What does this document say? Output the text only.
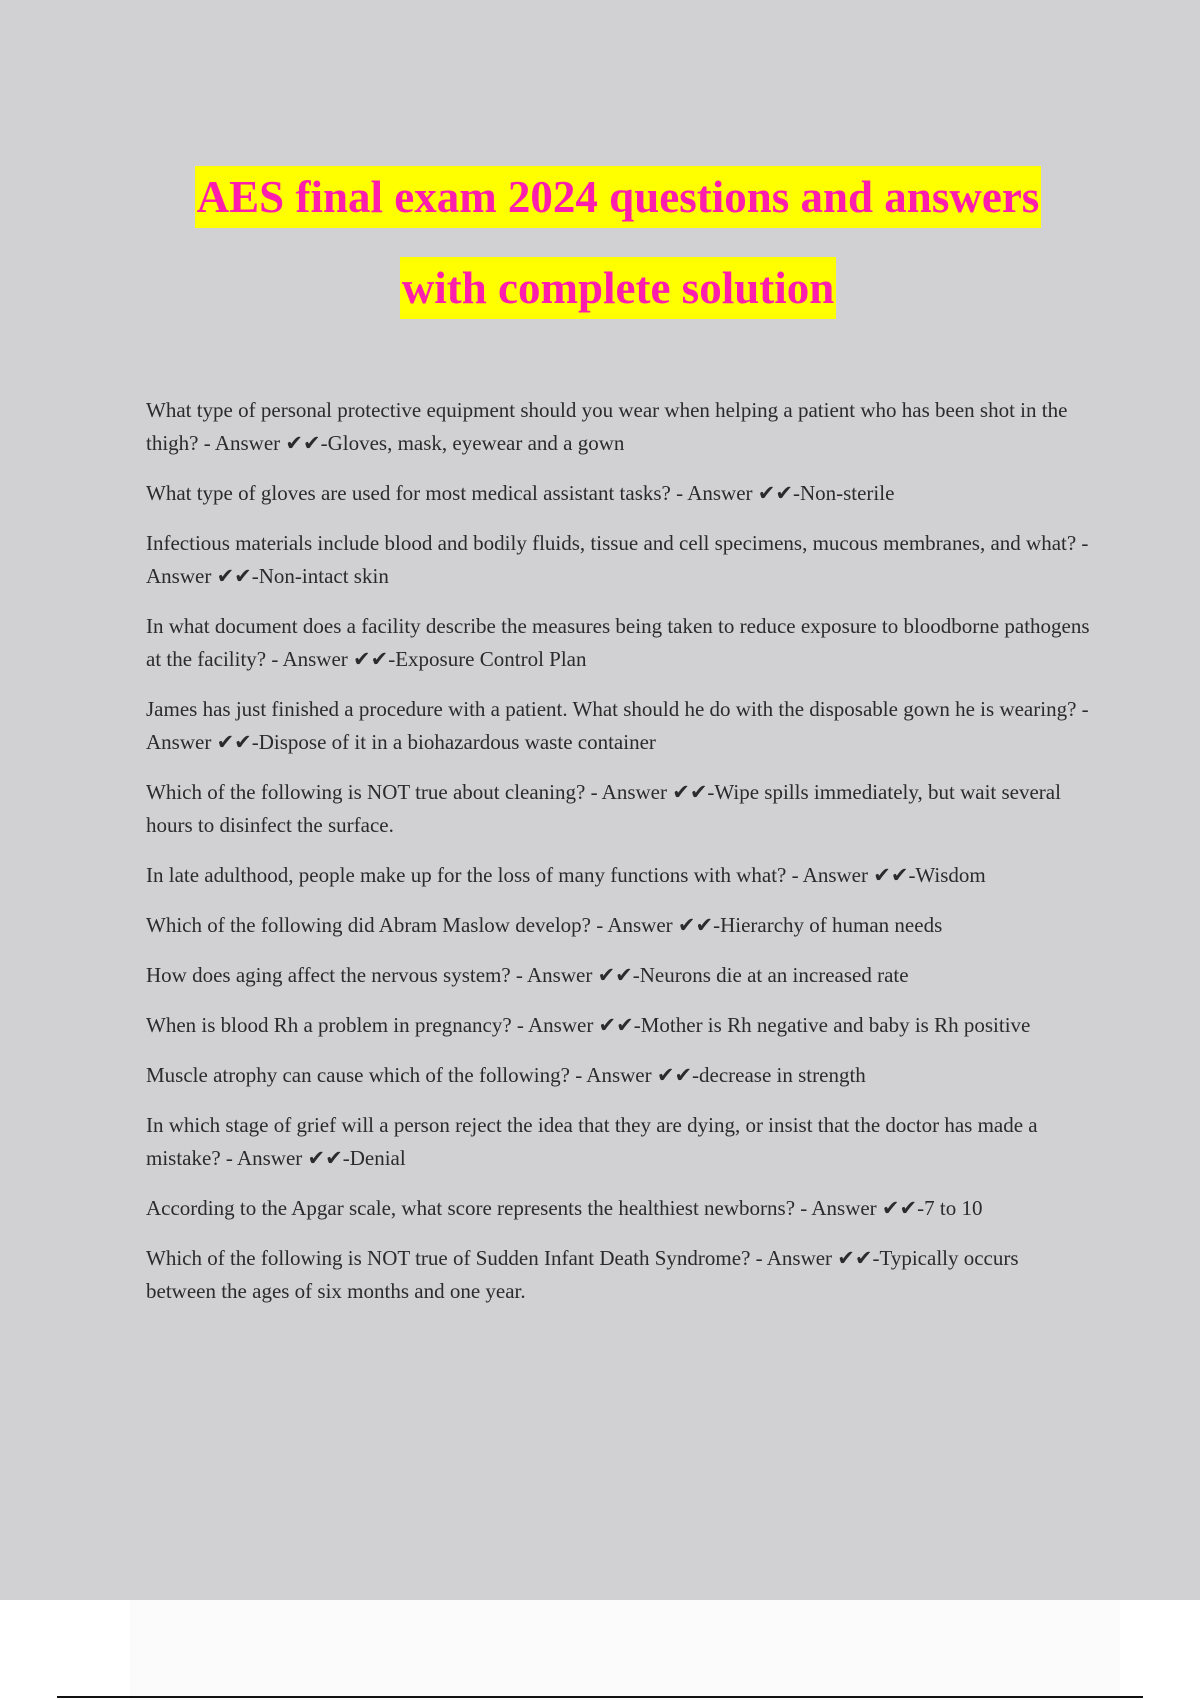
AES final exam 2024 questions and answers
with complete solution

What type of personal protective equipment should you wear when helping a patient who has been shot in the thigh? - Answer ✔✔-Gloves, mask, eyewear and a gown

What type of gloves are used for most medical assistant tasks? - Answer ✔✔-Non-sterile

Infectious materials include blood and bodily fluids, tissue and cell specimens, mucous membranes, and what? - Answer ✔✔-Non-intact skin

In what document does a facility describe the measures being taken to reduce exposure to bloodborne pathogens at the facility? - Answer ✔✔-Exposure Control Plan

James has just finished a procedure with a patient. What should he do with the disposable gown he is wearing? - Answer ✔✔-Dispose of it in a biohazardous waste container

Which of the following is NOT true about cleaning? - Answer ✔✔-Wipe spills immediately, but wait several hours to disinfect the surface.

In late adulthood, people make up for the loss of many functions with what? - Answer ✔✔-Wisdom

Which of the following did Abram Maslow develop? - Answer ✔✔-Hierarchy of human needs

How does aging affect the nervous system? - Answer ✔✔-Neurons die at an increased rate

When is blood Rh a problem in pregnancy? - Answer ✔✔-Mother is Rh negative and baby is Rh positive

Muscle atrophy can cause which of the following? - Answer ✔✔-decrease in strength

In which stage of grief will a person reject the idea that they are dying, or insist that the doctor has made a mistake? - Answer ✔✔-Denial

According to the Apgar scale, what score represents the healthiest newborns? - Answer ✔✔-7 to 10

Which of the following is NOT true of Sudden Infant Death Syndrome? - Answer ✔✔-Typically occurs between the ages of six months and one year.
